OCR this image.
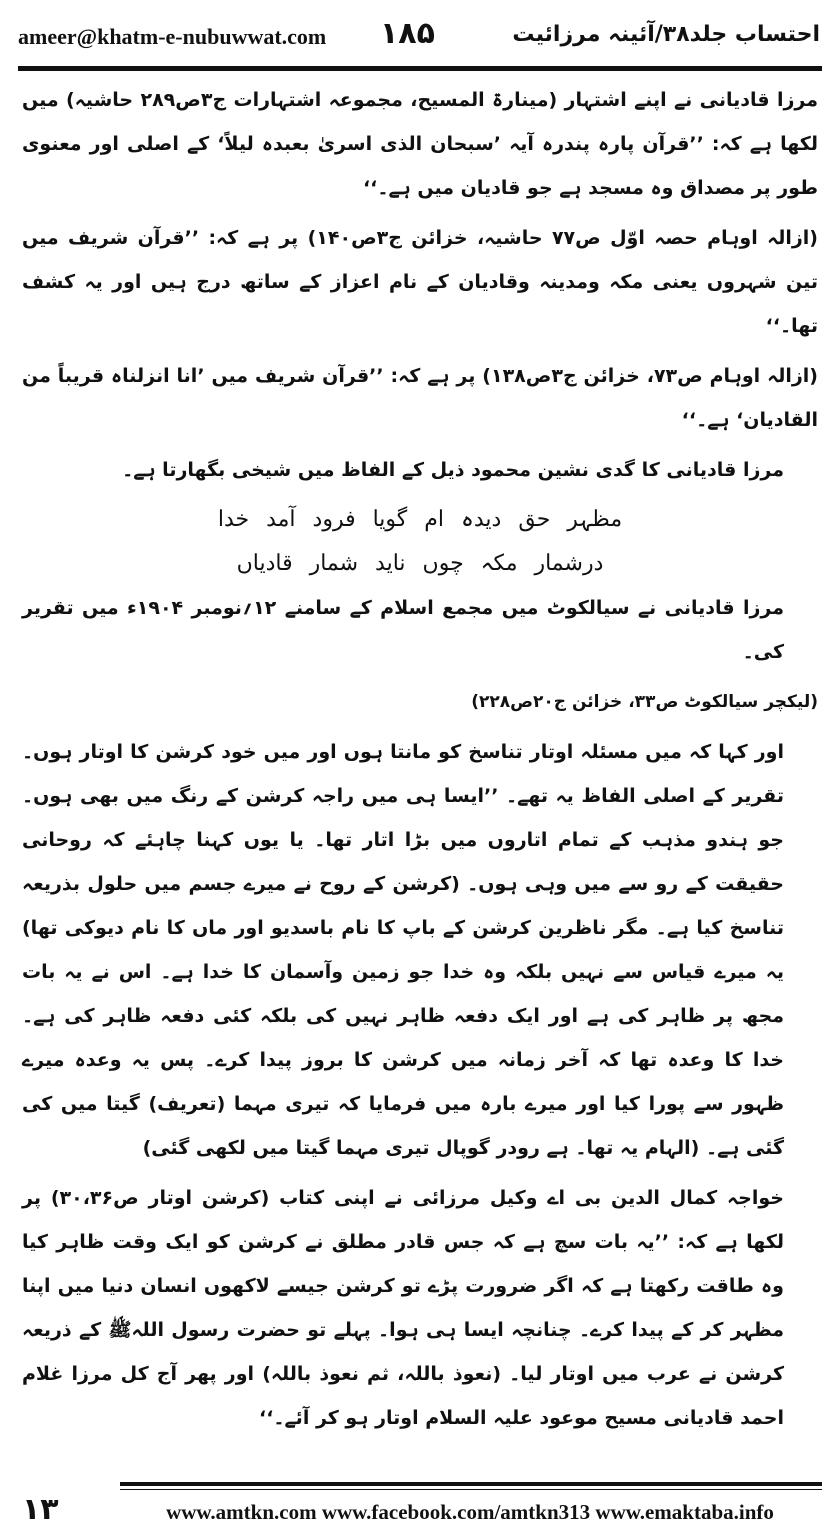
ameer@khatm-e-nubuwwat.com ۱۸۵	احتساب جلد۳۸/آئینہ مرزائیت

مرزا قادیانی نے اپنے اشتہار (مینارۃ المسیح، مجموعہ اشتہارات ج۳ص۲۸۹ حاشیہ) میں لکھا ہے کہ: ’’قرآن پارہ پندرہ آیہ ’سبحان الذی اسریٰ بعبدہ لیلاً‘ کے اصلی اور معنوی طور پر مصداق وہ مسجد ہے جو قادیان میں ہے۔‘‘

(ازالہ اوہام حصہ اوّل ص۷۷ حاشیہ، خزائن ج۳ص۱۴۰) پر ہے کہ: ’’قرآن شریف میں تین شہروں یعنی مکہ ومدینہ وقادیان کے نام اعزاز کے ساتھ درج ہیں اور یہ کشف تھا۔‘‘

(ازالہ اوہام ص۷۳، خزائن ج۳ص۱۳۸) پر ہے کہ: ’’قرآن شریف میں ’انا انزلناہ قریباً من القادیان‘ ہے۔‘‘

مرزا قادیانی کا گدی نشین محمود ذیل کے الفاظ میں شیخی بگھارتا ہے۔

مظہر حق دیدہ ام گویا فرود آمد خدا

درشمار مکہ چوں ناید شمار قادیاں

مرزا قادیانی نے سیالکوٹ میں مجمع اسلام کے سامنے ۱۲؍نومبر ۱۹۰۴ء میں تقریر کی۔

(لیکچر سیالکوٹ ص۳۳، خزائن ج۲۰ص۲۲۸)

اور کہا کہ میں مسئلہ اوتار تناسخ کو مانتا ہوں اور میں خود کرشن کا اوتار ہوں۔ تقریر کے اصلی الفاظ یہ تھے۔ ’’ایسا ہی میں راجہ کرشن کے رنگ میں بھی ہوں۔ جو ہندو مذہب کے تمام اتاروں میں بڑا اتار تھا۔ یا یوں کہنا چاہئے کہ روحانی حقیقت کے رو سے میں وہی ہوں۔ (کرشن کے روح نے میرے جسم میں حلول بذریعہ تناسخ کیا ہے۔ مگر ناظرین کرشن کے باپ کا نام باسدیو اور ماں کا نام دیوکی تھا) یہ میرے قیاس سے نہیں بلکہ وہ خدا جو زمین وآسمان کا خدا ہے۔ اس نے یہ بات مجھ پر ظاہر کی ہے اور ایک دفعہ ظاہر نہیں کی بلکہ کئی دفعہ ظاہر کی ہے۔ خدا کا وعدہ تھا کہ آخر زمانہ میں کرشن کا بروز پیدا کرے۔ پس یہ وعدہ میرے ظہور سے پورا کیا اور میرے بارہ میں فرمایا کہ تیری مہما (تعریف) گیتا میں کی گئی ہے۔ (الہام یہ تھا۔ ہے رودر گوپال تیری مہما گیتا میں لکھی گئی)

خواجہ کمال الدین بی اے وکیل مرزائی نے اپنی کتاب (کرشن اوتار ص۳۰،۳۶) پر لکھا ہے کہ: ’’یہ بات سچ ہے کہ جس قادر مطلق نے کرشن کو ایک وقت ظاہر کیا وہ طاقت رکھتا ہے کہ اگر ضرورت پڑے تو کرشن جیسے لاکھوں انسان دنیا میں اپنا مظہر کر کے پیدا کرے۔ چنانچہ ایسا ہی ہوا۔ پہلے تو حضرت رسول اللہﷺ کے ذریعہ کرشن نے عرب میں اوتار لیا۔ (نعوذ باللہ، ثم نعوذ باللہ) اور پھر آج کل مرزا غلام احمد قادیانی مسیح موعود علیہ السلام اوتار ہو کر آئے۔‘‘

۱۳	www.amtkn.com www.facebook.com/amtkn313 www.emaktaba.info
